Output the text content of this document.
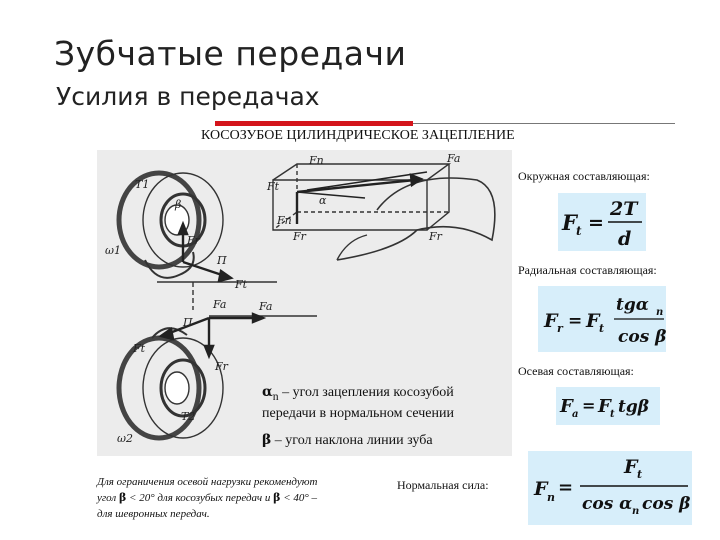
Зубчатые передачи
Усилия в передачах
КОСОЗУБОЕ ЦИЛИНДРИЧЕСКОЕ ЗАЦЕПЛЕНИЕ
T1
β
ω1
Fr
П
Ft
Fa	Fa
Ft
П
Fr
T2
ω2
Fn
Ft
Fa
α
Fr
Fn
Fr
Окружная составляющая:
Радиальная составляющая:
Осевая составляющая:
F t =
2T
d
F r = F t
tgα n
cos β
F a = F t tgβ
F n =
F t
cos α n cos β
$\alpha_n$ – угол зацепления косозубой передачи в нормальном сечении
β – угол наклона линии зуба
Для ограничения осевой нагрузки рекомендуют
угол β < 20° для косозубых передач и β < 40° –
для шевронных передач.
Нормальная сила:
